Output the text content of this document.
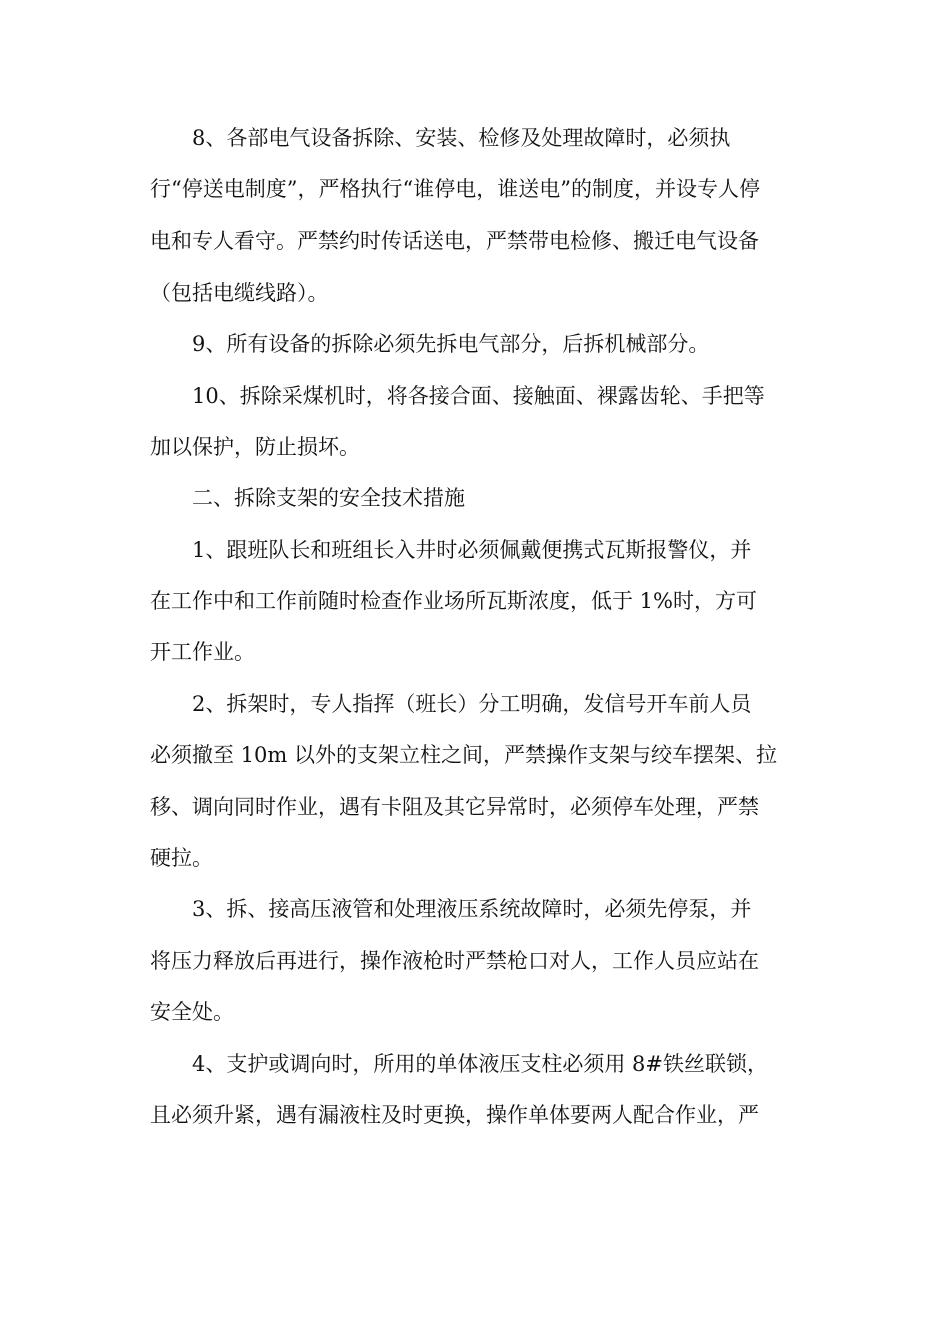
8、各部电气设备拆除、安装、检修及处理故障时，必须执
行“停送电制度”，严格执行“谁停电，谁送电”的制度，并设专人停
电和专人看守。严禁约时传话送电，严禁带电检修、搬迁电气设备
（包括电缆线路）。
9、所有设备的拆除必须先拆电气部分，后拆机械部分。
10、拆除采煤机时，将各接合面、接触面、裸露齿轮、手把等
加以保护，防止损坏。
二、拆除支架的安全技术措施
1、跟班队长和班组长入井时必须佩戴便携式瓦斯报警仪，并
在工作中和工作前随时检查作业场所瓦斯浓度，低于 1%时，方可
开工作业。
2、拆架时，专人指挥（班长）分工明确，发信号开车前人员
必须撤至 10m 以外的支架立柱之间，严禁操作支架与绞车摆架、拉
移、调向同时作业，遇有卡阻及其它异常时，必须停车处理，严禁
硬拉。
3、拆、接高压液管和处理液压系统故障时，必须先停泵，并
将压力释放后再进行，操作液枪时严禁枪口对人，工作人员应站在
安全处。
4、支护或调向时，所用的单体液压支柱必须用 8#铁丝联锁，
且必须升紧，遇有漏液柱及时更换，操作单体要两人配合作业，严
